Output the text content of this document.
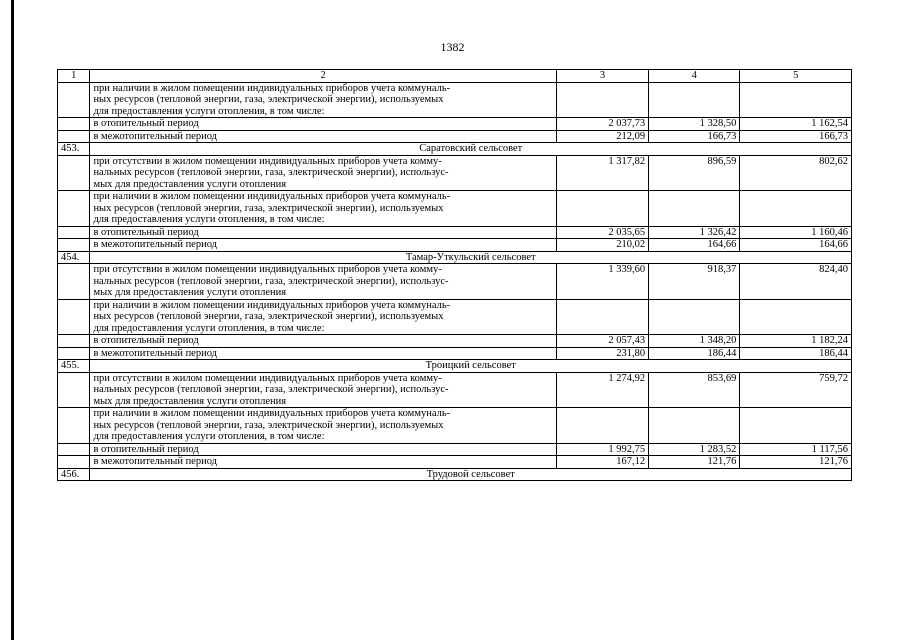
1382
1	2	3	4	5

	при наличии в жилом помещении индивидуальных приборов учета коммуналь-
ных ресурсов (тепловой энергии, газа, электрической энергии), используемых
для предоставления услуги отопления, в том числе:			

	в отопительный период	2 037,73	1 328,50	1 162,54

	в межотопительный период	212,09	166,73	166,73
453.	Саратовский сельсовет			

	при отсутствии в жилом помещении индивидуальных приборов учета комму-
нальных ресурсов (тепловой энергии, газа, электрической энергии), использус-
мых для предоставления услуги отопления	1 317,82	896,59	802,62

	при наличии в жилом помещении индивидуальных приборов учета коммуналь-
ных ресурсов (тепловой энергии, газа, электрической энергии), используемых
для предоставления услуги отопления, в том числе:			

	в отопительный период	2 035,65	1 326,42	1 160,46

	в межотопительный период	210,02	164,66	164,66
454.	Тамар-Уткульский сельсовет			

	при отсутствии в жилом помещении индивидуальных приборов учета комму-
нальных ресурсов (тепловой энергии, газа, электрической энергии), использус-
мых для предоставления услуги отопления	1 339,60	918,37	824,40

	при наличии в жилом помещении индивидуальных приборов учета коммуналь-
ных ресурсов (тепловой энергии, газа, электрической энергии), используемых
для предоставления услуги отопления, в том числе:			

	в отопительный период	2 057,43	1 348,20	1 182,24

	в межотопительный период	231,80	186,44	186,44
455.	Троицкий сельсовет			

	при отсутствии в жилом помещении индивидуальных приборов учета комму-
нальных ресурсов (тепловой энергии, газа, электрической энергии), использус-
мых для предоставления услуги отопления	1 274,92	853,69	759,72

	при наличии в жилом помещении индивидуальных приборов учета коммуналь-
ных ресурсов (тепловой энергии, газа, электрической энергии), используемых
для предоставления услуги отопления, в том числе:			

	в отопительный период	1 992,75	1 283,52	1 117,56

	в межотопительный период	167,12	121,76	121,76
456.	Трудовой сельсовет			
